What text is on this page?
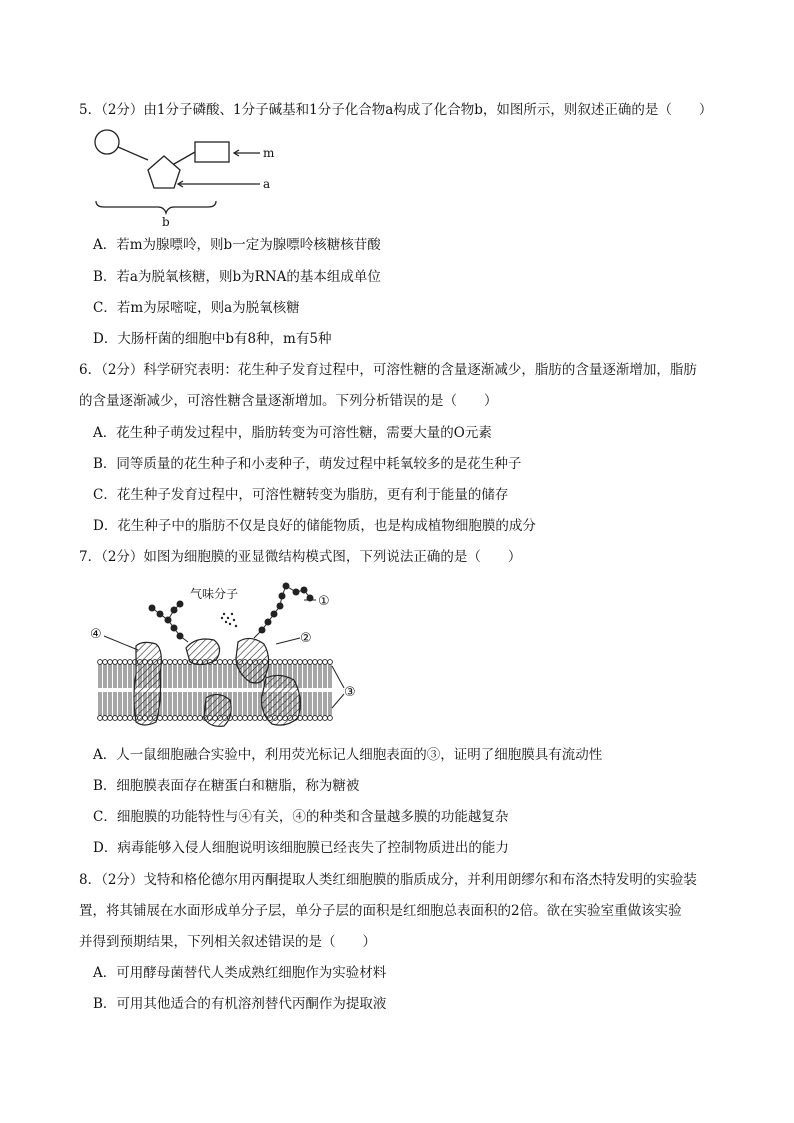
5．（2分）由1分子磷酸、1分子碱基和1分子化合物a构成了化合物b，如图所示，则叙述正确的是（　　）
m
a
b
A．若m为腺嘌呤，则b一定为腺嘌呤核糖核苷酸
B．若a为脱氧核糖，则b为RNA的基本组成单位
C．若m为尿嘧啶，则a为脱氧核糖
D．大肠杆菌的细胞中b有8种，m有5种
6．（2分）科学研究表明：花生种子发育过程中，可溶性糖的含量逐渐减少，脂肪的含量逐渐增加，脂肪
的含量逐渐减少，可溶性糖含量逐渐增加。下列分析错误的是（　　）
A．花生种子萌发过程中，脂肪转变为可溶性糖，需要大量的O元素
B．同等质量的花生种子和小麦种子，萌发过程中耗氧较多的是花生种子
C．花生种子发育过程中，可溶性糖转变为脂肪，更有利于能量的储存
D．花生种子中的脂肪不仅是良好的储能物质，也是构成植物细胞膜的成分
7．（2分）如图为细胞膜的亚显微结构模式图，下列说法正确的是（　　）
气味分子	①
②
③
④
A．人一鼠细胞融合实验中，利用荧光标记人细胞表面的③，证明了细胞膜具有流动性
B．细胞膜表面存在糖蛋白和糖脂，称为糖被
C．细胞膜的功能特性与④有关，④的种类和含量越多膜的功能越复杂
D．病毒能够入侵人细胞说明该细胞膜已经丧失了控制物质进出的能力
8．（2分）戈特和格伦德尔用丙酮提取人类红细胞膜的脂质成分，并利用朗缪尔和布洛杰特发明的实验装
置，将其铺展在水面形成单分子层，单分子层的面积是红细胞总表面积的2倍。欲在实验室重做该实验
并得到预期结果，下列相关叙述错误的是（　　）
A．可用酵母菌替代人类成熟红细胞作为实验材料
B．可用其他适合的有机溶剂替代丙酮作为提取液
